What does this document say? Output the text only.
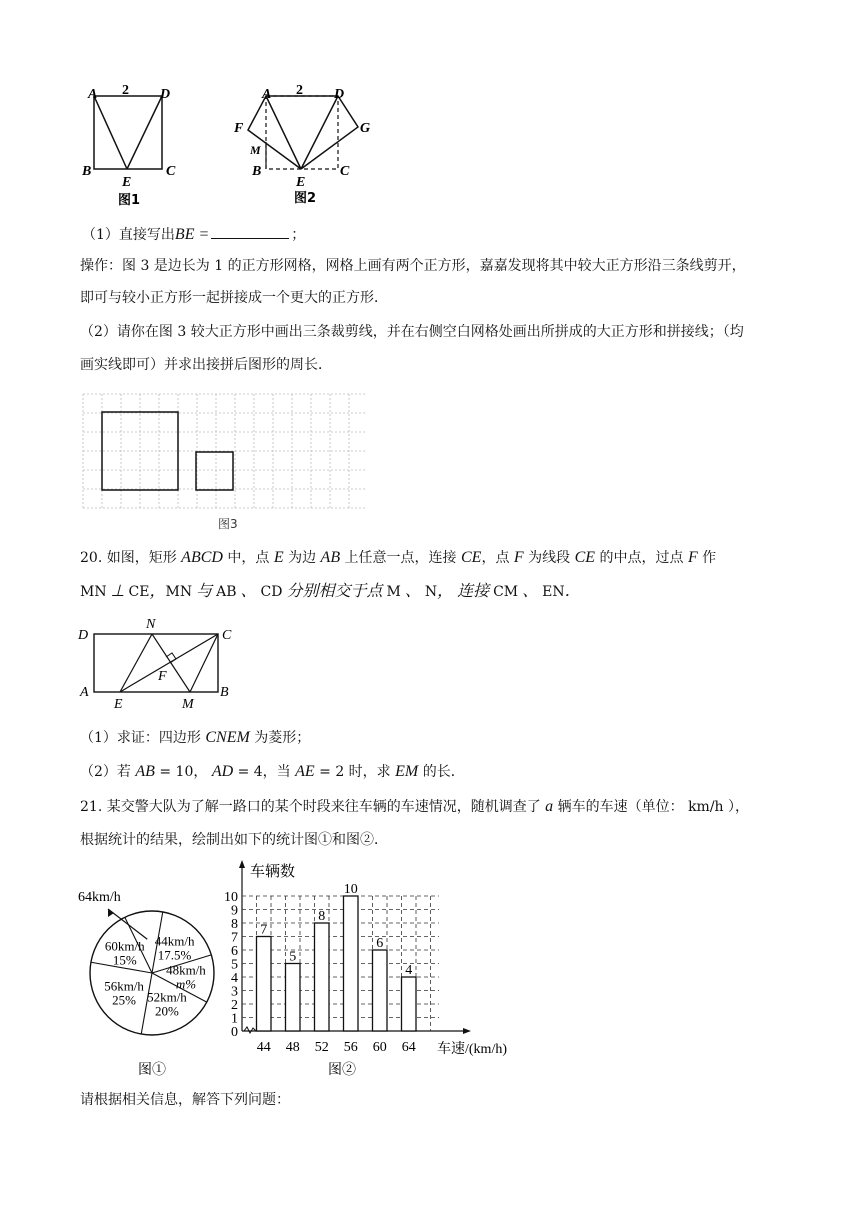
A 2 D
B	C
E
图1
A 2 D
F	G
M
B	C
E
图2
（1）直接写出BE =	；
操作：图 3 是边长为 1 的正方形网格，网格上画有两个正方形，嘉嘉发现将其中较大正方形沿三条线剪开，
即可与较小正方形一起拼接成一个更大的正方形．
（2）请你在图 3 较大正方形中画出三条裁剪线，并在右侧空白网格处画出所拼成的大正方形和拼接线；（均
画实线即可）并求出接拼后图形的周长．
图3
20. 如图，矩形 ABCD 中，点 E 为边 AB 上任意一点，连接 CE，点 F 为线段 CE 的中点，过点 F 作
MN ⊥ CE，MN 与 AB 、 CD 分别相交于点 M 、 N， 连接 CM 、 EN．
D
N
C
F
A
E	M
B
（1）求证：四边形 CNEM 为菱形；
（2）若 AB = 10， AD = 4，当 AE = 2 时，求 EM 的长．
21. 某交警大队为了解一路口的某个时段来往车辆的车速情况，随机调查了 a 辆车的车速（单位： km/h ），
根据统计的结果，绘制出如下的统计图①和图②．
44km/h
17.5%
48km/h
m%
52km/h
20%
56km/h
25%
60km/h
15%
64km/h
图①
0
1
2
3
4
5
6
7
8
9
10
7
44
5
48
8
52
10
56
6
60
4
64
车辆数
车速/(km/h)
图②
请根据相关信息，解答下列问题：
